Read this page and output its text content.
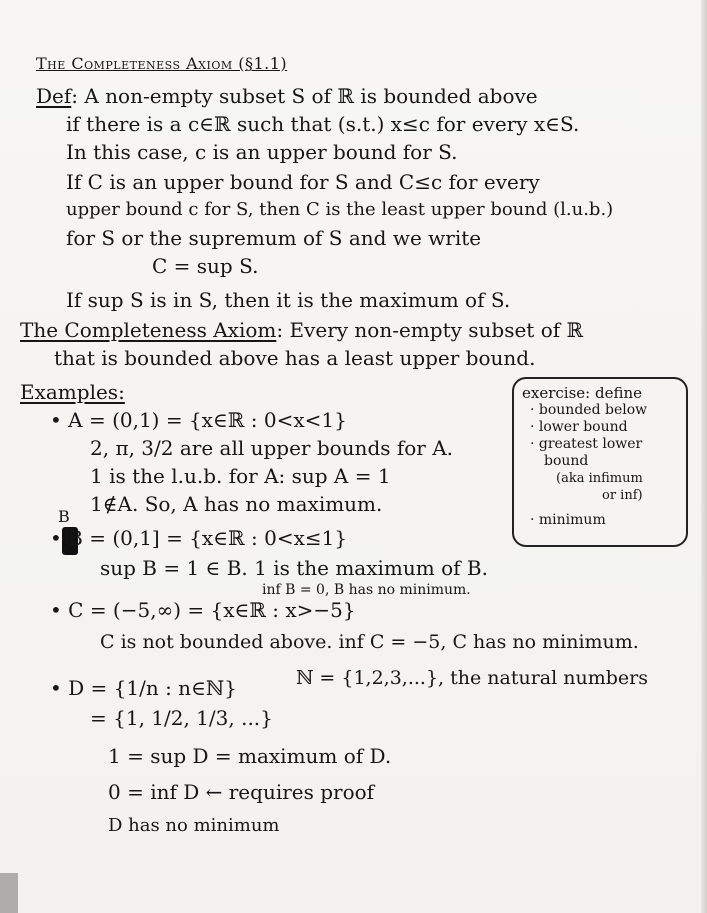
The Completeness Axiom (§1.1)
Def: A non-empty subset S of ℝ is bounded above
if there is a c∈ℝ such that (s.t.) x≤c for every x∈S.
In this case, c is an upper bound for S.
If C is an upper bound for S and C≤c for every
upper bound c for S, then C is the least upper bound (l.u.b.)
for S or the supremum of S and we write
C = sup S.
If sup S is in S, then it is the maximum of S.
The Completeness Axiom: Every non-empty subset of ℝ
that is bounded above has a least upper bound.
Examples:
• A = (0,1) = {x∈ℝ : 0<x<1}
2, π, 3/2 are all upper bounds for A.
1 is the l.u.b. for A: sup A = 1
1∉A. So, A has no maximum.
B
• B = (0,1] = {x∈ℝ : 0<x≤1}
sup B = 1 ∈ B. 1 is the maximum of B.
inf B = 0, B has no minimum.
• C = (−5,∞) = {x∈ℝ : x>−5}
C is not bounded above. inf C = −5, C has no minimum.
• D = {1/n : n∈ℕ}	ℕ = {1,2,3,...}, the natural numbers
= {1, 1/2, 1/3, ...}
1 = sup D = maximum of D.
0 = inf D ← requires proof
D has no minimum
exercise: define
· bounded below
· lower bound
· greatest lower
bound
(aka infimum
or inf)
· minimum
